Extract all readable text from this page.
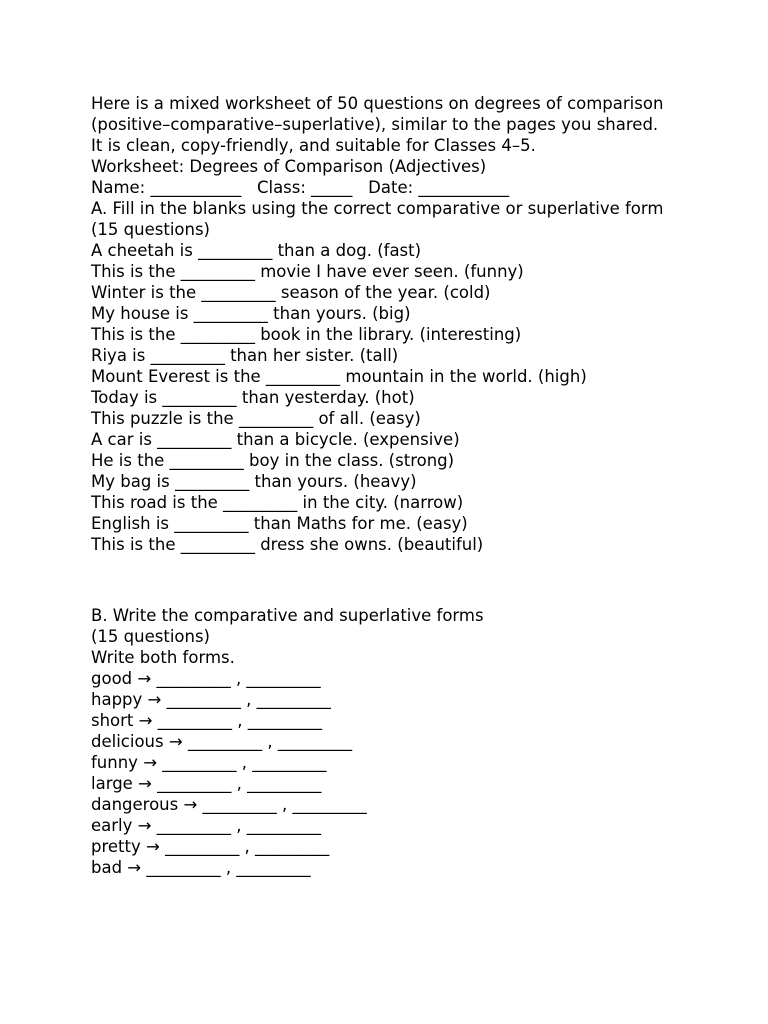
Here is a mixed worksheet of 50 questions on degrees of comparison (positive–comparative–superlative), similar to the pages you shared.
It is clean, copy-friendly, and suitable for Classes 4–5.
Worksheet: Degrees of Comparison (Adjectives)
Name: ___________   Class: _____   Date: ___________
A. Fill in the blanks using the correct comparative or superlative form
(15 questions)
A cheetah is _________ than a dog. (fast)
This is the _________ movie I have ever seen. (funny)
Winter is the _________ season of the year. (cold)
My house is _________ than yours. (big)
This is the _________ book in the library. (interesting)
Riya is _________ than her sister. (tall)
Mount Everest is the _________ mountain in the world. (high)
Today is _________ than yesterday. (hot)
This puzzle is the _________ of all. (easy)
A car is _________ than a bicycle. (expensive)
He is the _________ boy in the class. (strong)
My bag is _________ than yours. (heavy)
This road is the _________ in the city. (narrow)
English is _________ than Maths for me. (easy)
This is the _________ dress she owns. (beautiful)
B. Write the comparative and superlative forms
(15 questions)
Write both forms.
good → _________ , _________
happy → _________ , _________
short → _________ , _________
delicious → _________ , _________
funny → _________ , _________
large → _________ , _________
dangerous → _________ , _________
early → _________ , _________
pretty → _________ , _________
bad → _________ , _________
